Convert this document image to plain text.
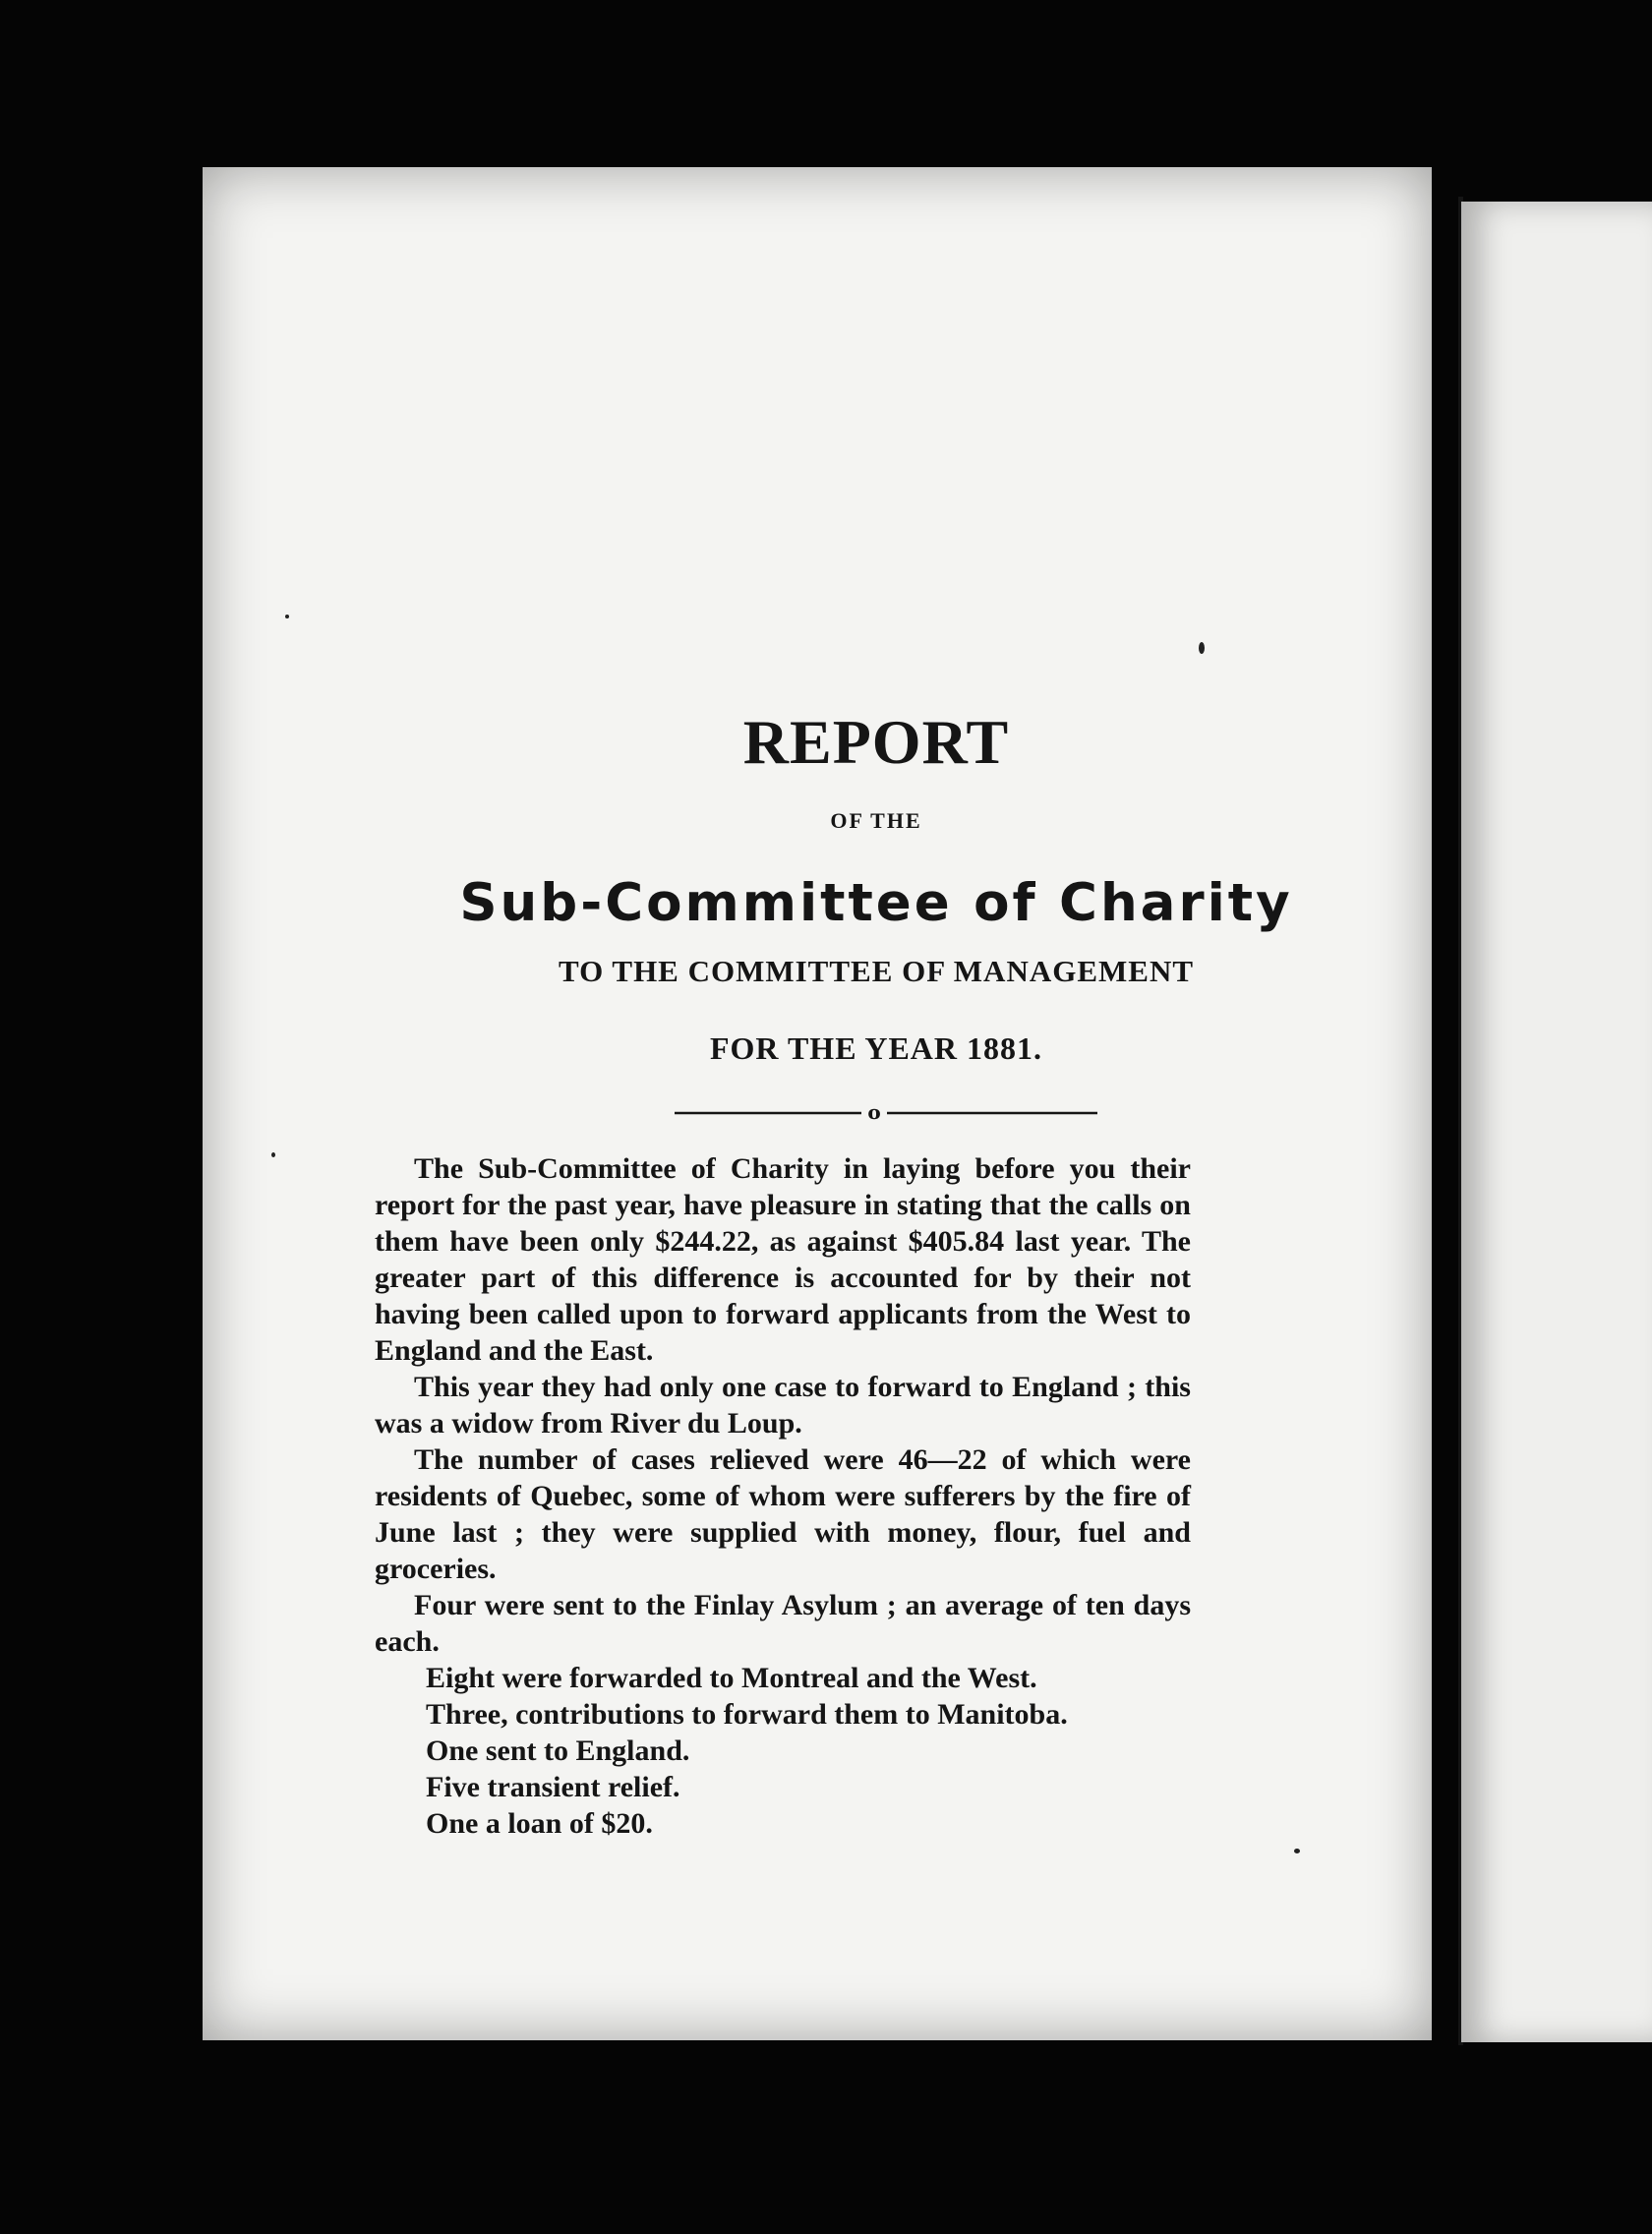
REPORT
OF THE
Sub-Committee of Charity
TO THE COMMITTEE OF MANAGEMENT
FOR THE YEAR 1881.
o

The Sub-Committee of Charity in laying before you their report for the past year, have pleasure in stating that the calls on them have been only $244.22, as against $405.84 last year. The greater part of this difference is accounted for by their not having been called upon to forward applicants from the West to England and the East.

This year they had only one case to forward to England ; this was a widow from River du Loup.

The number of cases relieved were 46—22 of which were residents of Quebec, some of whom were sufferers by the fire of June last ; they were supplied with money, flour, fuel and groceries.

Four were sent to the Finlay Asylum ; an average of ten days each.

Eight were forwarded to Montreal and the West.

Three, contributions to forward them to Manitoba.

One sent to England.

Five transient relief.

One a loan of $20.
